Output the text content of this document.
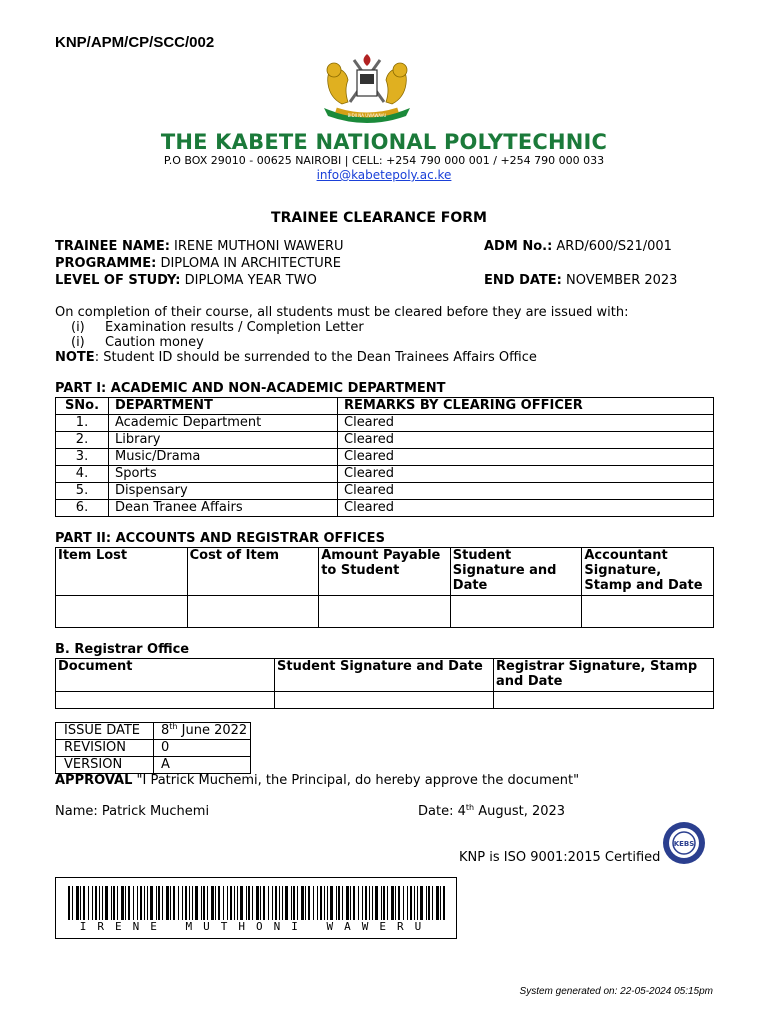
KNP/APM/CP/SCC/002
BIDII NA UWAWAVU
THE KABETE NATIONAL POLYTECHNIC
P.O BOX 29010 - 00625 NAIROBI | CELL: +254 790 000 001 / +254 790 000 033
info@kabetepoly.ac.ke
TRAINEE CLEARANCE FORM
TRAINEE NAME: IRENE MUTHONI WAWERU
PROGRAMME: DIPLOMA IN ARCHITECTURE
LEVEL OF STUDY: DIPLOMA YEAR TWO
ADM No.: ARD/600/S21/001
END DATE: NOVEMBER 2023
On completion of their course, all students must be cleared before they are issued with:
(i) Examination results / Completion Letter
(i) Caution money
NOTE: Student ID should be surrended to the Dean Trainees Affairs Office
PART I: ACADEMIC AND NON-ACADEMIC DEPARTMENT
SNo.	DEPARTMENT	REMARKS BY CLEARING OFFICER
1.	Academic Department	Cleared
2.	Library	Cleared
3.	Music/Drama	Cleared
4.	Sports	Cleared
5.	Dispensary	Cleared
6.	Dean Tranee Affairs	Cleared
PART II: ACCOUNTS AND REGISTRAR OFFICES
Item Lost	Cost of Item	Amount Payable to Student	Student Signature and Date	Accountant Signature, Stamp and Date

B. Registrar Office
Document	Student Signature and Date	Registrar Signature, Stamp and Date

ISSUE DATE	8th June 2022
REVISION	0
VERSION	A
APPROVAL "I Patrick Muchemi, the Principal, do hereby approve the document"
Name: Patrick Muchemi	Date: 4th August, 2023
KEBS
KNP is ISO 9001:2015 Certified
IRENE MUTHONI WAWERU
System generated on: 22-05-2024 05:15pm
